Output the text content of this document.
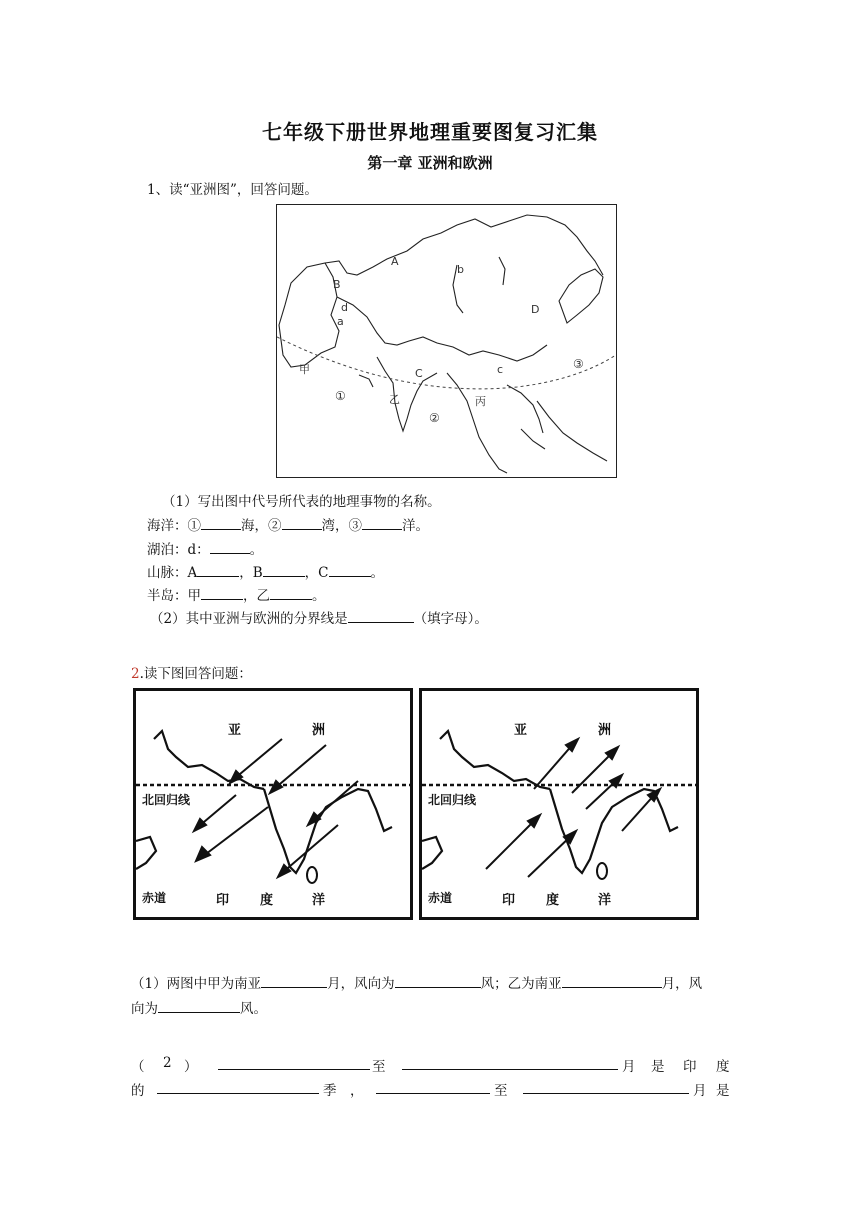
七年级下册世界地理重要图复习汇集
第一章 亚洲和欧洲
1、读“亚洲图”，回答问题。
A
B
C
D
a
b
c
d
甲
乙	丙
①
②
③
（1）写出图中代号所代表的地理事物的名称。
海洋：①	海，②	湾，③	洋。
湖泊：d：	。
山脉：A	，B	，C	。
半岛：甲	，乙	。
（2）其中亚洲与欧洲的分界线是	（填字母）。
2.读下图回答问题：
亚	洲
北回归线
赤道	印 度	洋
亚	洲
北回归线
赤道	印 度	洋
（1）两图中甲为南亚	月，风向为	风；乙为南亚	月，风
向为	风。
（ 2 ）	至	月 是 印 度
的	季 ，	至	月 是
